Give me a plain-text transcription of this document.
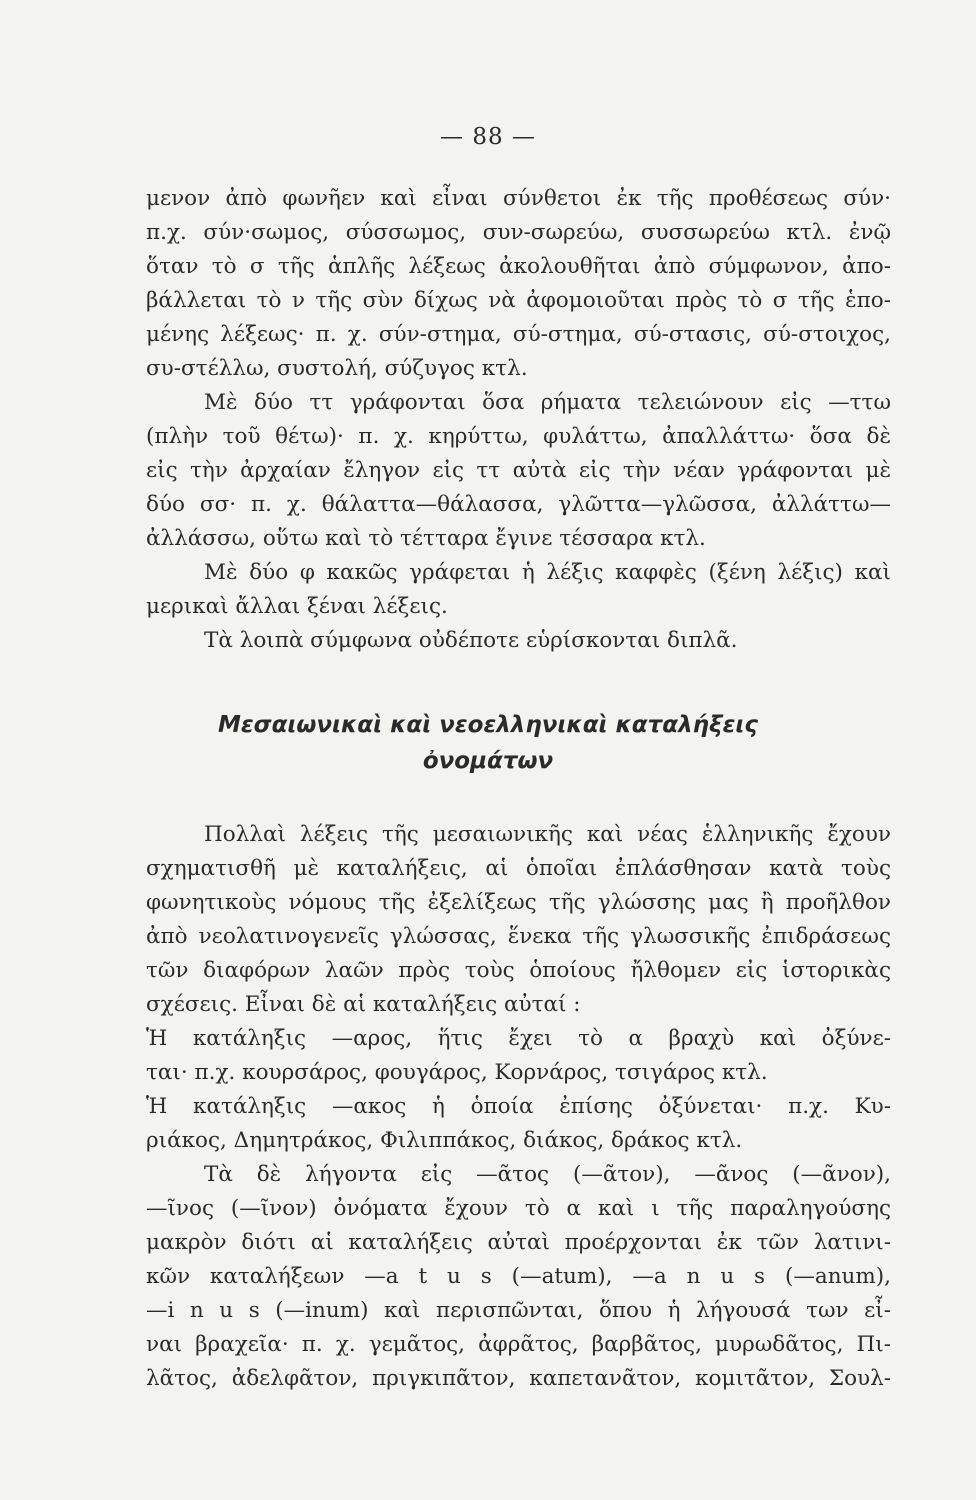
— 88 —
μενον ἀπὸ φωνῆεν καὶ εἶναι σύνθετοι ἐκ τῆς προθέσεως σύν·
π.χ. σύν·σωμος, σύσσωμος, συν-σωρεύω, συσσωρεύω κτλ. ἐνῷ
ὅταν τὸ σ τῆς ἁπλῆς λέξεως ἀκολουθῆται ἀπὸ σύμφωνον, ἀπο-
βάλλεται τὸ ν τῆς σὺν δίχως νὰ ἀφομοιοῦται πρὸς τὸ σ τῆς ἑπο-
μένης λέξεως· π. χ. σύν-στημα, σύ-στημα, σύ-στασις, σύ-στοιχος,
συ-στέλλω, συστολή, σύζυγος κτλ.
Μὲ δύο ττ γράφονται ὅσα ρήματα τελειώνουν εἰς —ττω
(πλὴν τοῦ θέτω)· π. χ. κηρύττω, φυλάττω, ἀπαλλάττω· ὅσα δὲ
εἰς τὴν ἀρχαίαν ἔληγον εἰς ττ αὐτὰ εἰς τὴν νέαν γράφονται μὲ
δύο σσ· π. χ. θάλαττα—θάλασσα, γλῶττα—γλῶσσα, ἀλλάττω—
ἀλλάσσω, οὕτω καὶ τὸ τέτταρα ἔγινε τέσσαρα κτλ.
Μὲ δύο φ κακῶς γράφεται ἡ λέξις καφφὲς (ξένη λέξις) καὶ
μερικαὶ ἄλλαι ξέναι λέξεις.
Τὰ λοιπὰ σύμφωνα οὐδέποτε εὑρίσκονται διπλᾶ.
Μεσαιωνικαὶ καὶ νεοελληνικαὶ καταλήξεις
ὀνομάτων
Πολλαὶ λέξεις τῆς μεσαιωνικῆς καὶ νέας ἑλληνικῆς ἔχουν
σχηματισθῆ μὲ καταλήξεις, αἱ ὁποῖαι ἐπλάσθησαν κατὰ τοὺς
φωνητικοὺς νόμους τῆς ἐξελίξεως τῆς γλώσσης μας ἢ προῆλθον
ἀπὸ νεολατινογενεῖς γλώσσας, ἕνεκα τῆς γλωσσικῆς ἐπιδράσεως
τῶν διαφόρων λαῶν πρὸς τοὺς ὁποίους ἤλθομεν εἰς ἱστορικὰς
σχέσεις. Εἶναι δὲ αἱ καταλήξεις αὐταί :
Ἡ κατάληξις —αρος, ἥτις ἔχει τὸ α βραχὺ καὶ ὀξύνε-
ται· π.χ. κουρσάρος, φουγάρος, Κορνάρος, τσιγάρος κτλ.
Ἡ κατάληξις —ακος ἡ ὁποία ἐπίσης ὀξύνεται· π.χ. Κυ-
ριάκος, Δημητράκος, Φιλιππάκος, διάκος, δράκος κτλ.
Τὰ δὲ λήγοντα εἰς —ᾶτος (—ᾶτον), —ᾶνος (—ᾶνον),
—ῖνος (—ῖνον) ὀνόματα ἔχουν τὸ α καὶ ι τῆς παραληγούσης
μακρὸν διότι αἱ καταλήξεις αὐταὶ προέρχονται ἐκ τῶν λατινι-
κῶν καταλήξεων —a t u s (—atum), —a n u s (—anum),
—i n u s (—inum) καὶ περισπῶνται, ὅπου ἡ λήγουσά των εἶ-
ναι βραχεῖα· π. χ. γεμᾶτος, ἀφρᾶτος, βαρβᾶτος, μυρωδᾶτος, Πι-
λᾶτος, ἀδελφᾶτον, πριγκιπᾶτον, καπετανᾶτον, κομιτᾶτον, Σουλ-
